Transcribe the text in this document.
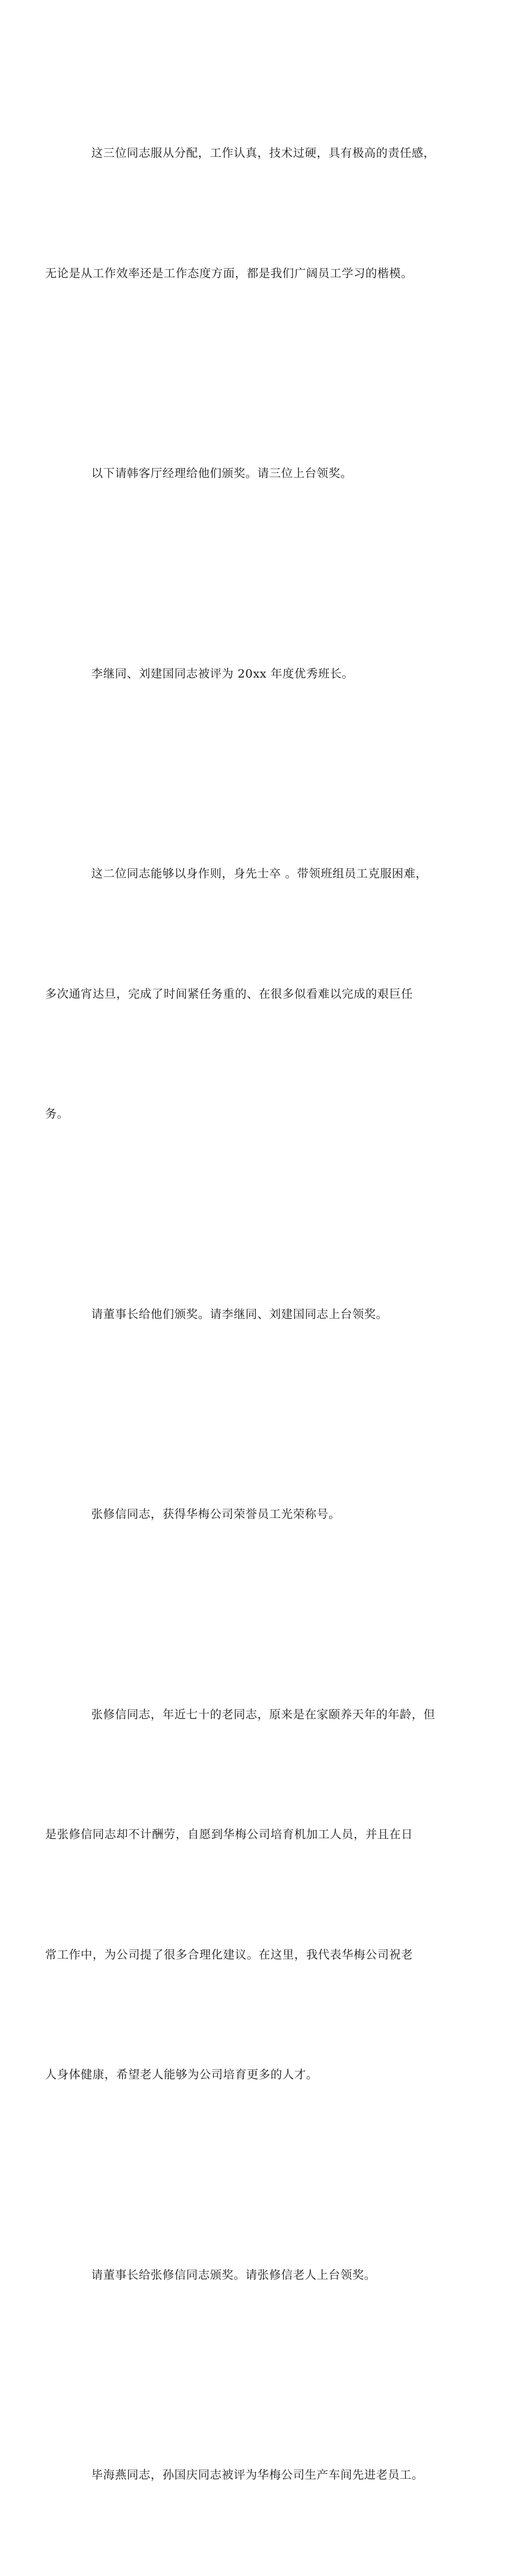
这三位同志服从分配，工作认真，技术过硬，具有极高的责任感，

无论是从工作效率还是工作态度方面，都是我们广阔员工学习的楷模。

以下请韩客厅经理给他们颁奖。请三位上台领奖。

李继同、刘建国同志被评为 20xx 年度优秀班长。

这二位同志能够以身作则，身先士卒 。带领班组员工克服困难，

多次通宵达旦，完成了时间紧任务重的、在很多似看难以完成的艰巨任

务。

请董事长给他们颁奖。请李继同、刘建国同志上台领奖。

张修信同志，获得华梅公司荣誉员工光荣称号。

张修信同志，年近七十的老同志，原来是在家颐养天年的年龄，但

是张修信同志却不计酬劳，自愿到华梅公司培育机加工人员，并且在日

常工作中，为公司提了很多合理化建议。在这里，我代表华梅公司祝老

人身体健康，希望老人能够为公司培育更多的人才。

请董事长给张修信同志颁奖。请张修信老人上台领奖。

毕海燕同志，孙国庆同志被评为华梅公司生产车间先进老员工。
